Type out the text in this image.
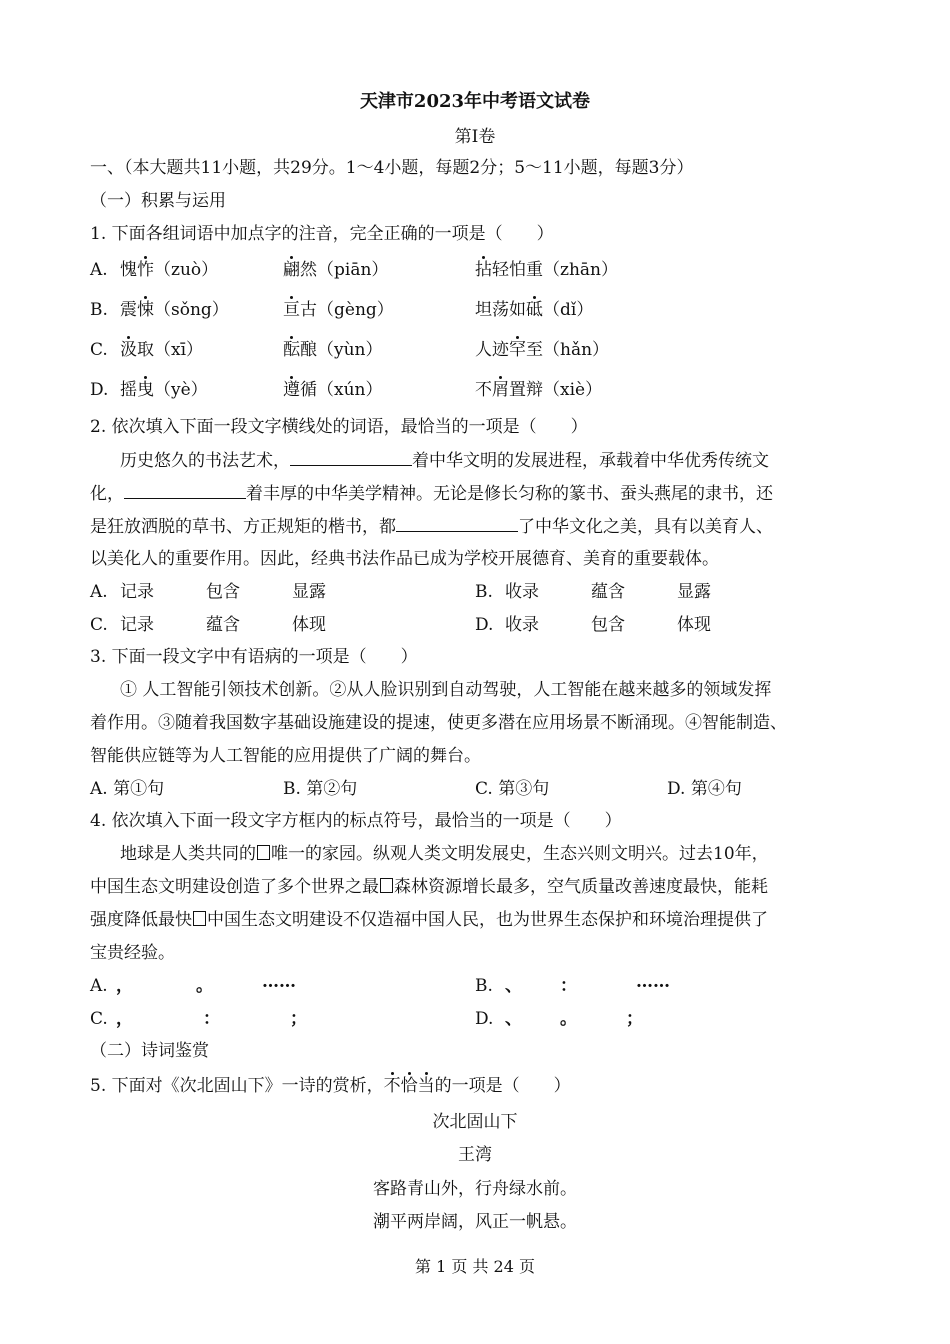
天津市2023年中考语文试卷
第I卷
一、（本大题共11小题，共29分。1～4小题，每题2分；5～11小题，每题3分）
（一）积累与运用
1. 下面各组词语中加点字的注音，完全正确的一项是（　　）
A. 愧怍（zuò）	翩然（piān）	拈轻怕重（zhān）
B. 震悚（sǒng）	亘古（gèng）	坦荡如砥（dǐ）
C. 汲取（xī）	酝酿（yùn）	人迹罕至（hǎn）
D. 摇曳（yè）	遵循（xún）	不屑置辩（xiè）
2. 依次填入下面一段文字横线处的词语，最恰当的一项是（　　）
历史悠久的书法艺术，	着中华文明的发展进程，承载着中华优秀传统文
化，	着丰厚的中华美学精神。无论是修长匀称的篆书、蚕头燕尾的隶书，还
是狂放洒脱的草书、方正规矩的楷书，都	了中华文化之美，具有以美育人、
以美化人的重要作用。因此，经典书法作品已成为学校开展德育、美育的重要载体。
A. 记录	包含	显露	B. 收录	蕴含	显露
C. 记录	蕴含	体现	D. 收录	包含	体现
3. 下面一段文字中有语病的一项是（　　）
① 人工智能引领技术创新。②从人脸识别到自动驾驶，人工智能在越来越多的领域发挥
着作用。③随着我国数字基础设施建设的提速，使更多潜在应用场景不断涌现。④智能制造、
智能供应链等为人工智能的应用提供了广阔的舞台。
A. 第①句	B. 第②句	C. 第③句	D. 第④句
4. 依次填入下面一段文字方框内的标点符号，最恰当的一项是（　　）
地球是人类共同的 唯一的家园。纵观人类文明发展史，生态兴则文明兴。过去10年，
中国生态文明建设创造了多个世界之最 森林资源增长最多，空气质量改善速度最快，能耗
强度降低最快 中国生态文明建设不仅造福中国人民，也为世界生态保护和环境治理提供了
宝贵经验。
A. ，	。	……	B. 、 ：	……
C. ，	：	；	D. 、 。	；
（二）诗词鉴赏
5. 下面对《次北固山下》一诗的赏析，不恰当的一项是（　　）
次北固山下
王湾
客路青山外，行舟绿水前。
潮平两岸阔，风正一帆悬。
第 1 页 共 24 页
